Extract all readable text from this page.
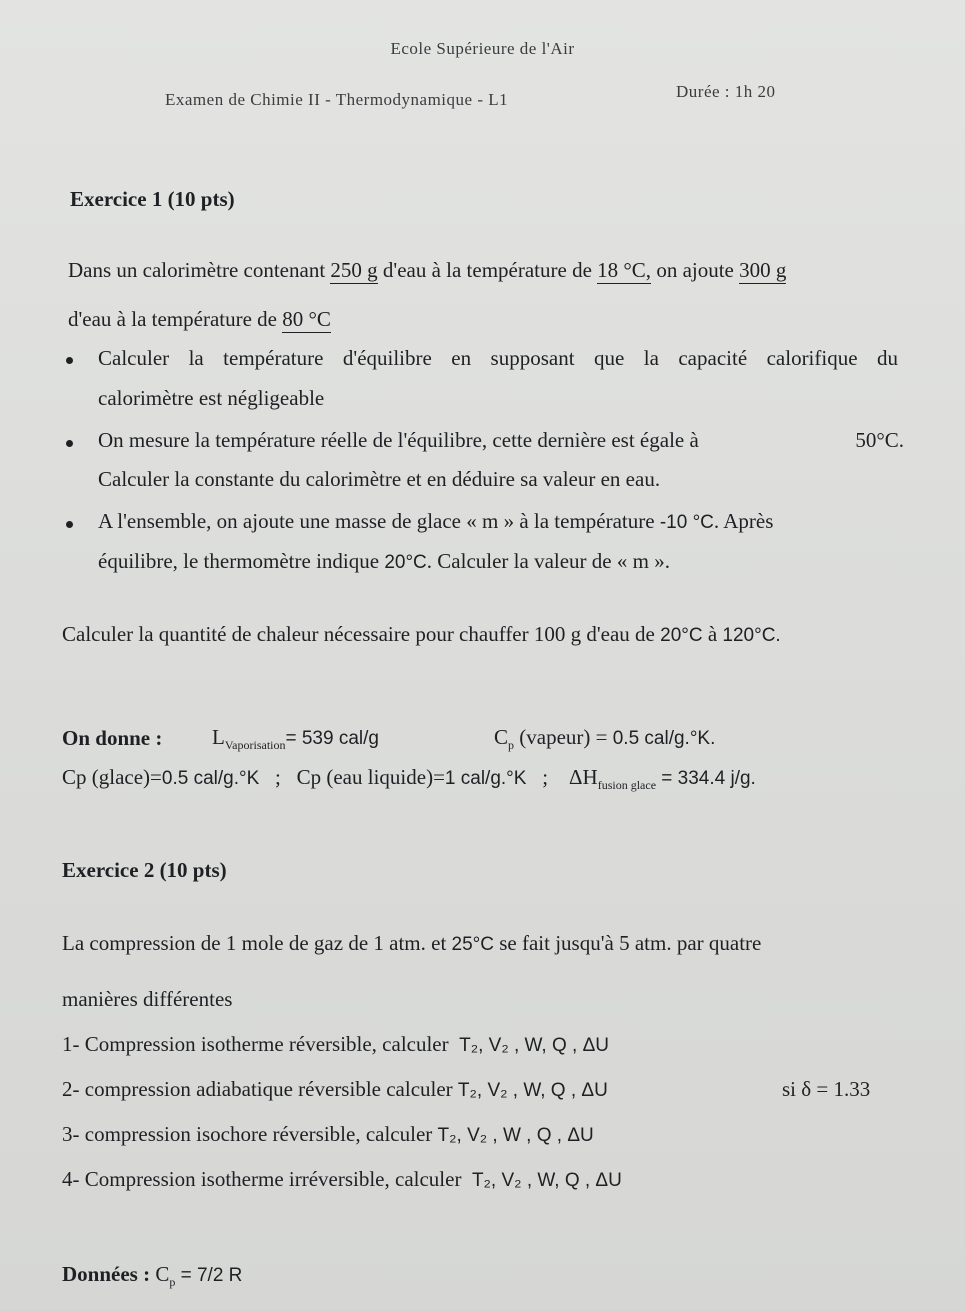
Ecole Supérieure de l'Air
Examen de Chimie II - Thermodynamique - L1	Durée : 1h 20
Exercice 1 (10 pts)
Dans un calorimètre contenant 250 g d'eau à la température de 18 °C, on ajoute 300 g
d'eau à la température de 80 °C
Calculer la température d'équilibre en supposant que la capacité calorifique du
calorimètre est négligeable
On mesure la température réelle de l'équilibre, cette dernière est égale à	50°C.
Calculer la constante du calorimètre et en déduire sa valeur en eau.
A l'ensemble, on ajoute une masse de glace « m » à la température -10 °C. Après
équilibre, le thermomètre indique 20°C. Calculer la valeur de « m ».
Calculer la quantité de chaleur nécessaire pour chauffer 100 g d'eau de 20°C à 120°C.
On donne : $L_{Vaporisation}= 539$ cal/g	$C_p$ (vapeur) = 0.5 cal/g.°K.
Cp (glace)=0.5 cal/g.°K ; Cp (eau liquide)=1 cal/g.°K ; $\Delta H_{fusion glace} = 334.4$ j/g.
Exercice 2 (10 pts)
La compression de 1 mole de gaz de 1 atm. et 25°C se fait jusqu'à 5 atm. par quatre
manières différentes
1- Compression isotherme réversible, calculer T₂, V₂ , W, Q , ΔU
2- compression adiabatique réversible calculer T₂, V₂ , W, Q , ΔU	si δ = 1.33
3- compression isochore réversible, calculer T₂, V₂ , W , Q , ΔU
4- Compression isotherme irréversible, calculer T₂, V₂ , W, Q , ΔU
Données : $C_p = 7/2$ R
